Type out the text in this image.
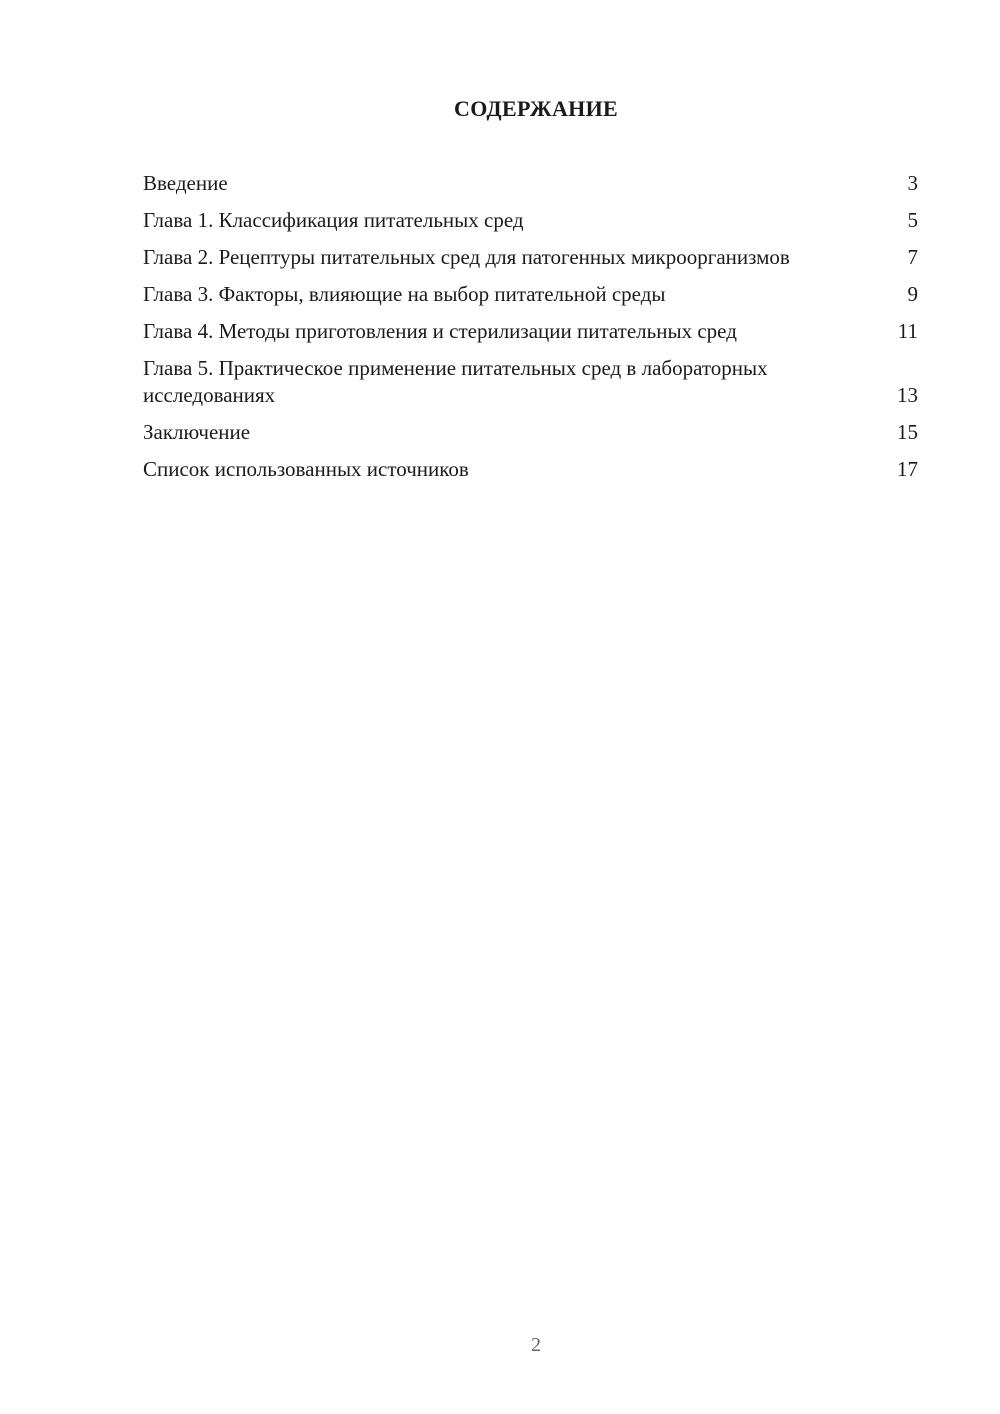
СОДЕРЖАНИЕ
Введение	3
Глава 1. Классификация питательных сред	5
Глава 2. Рецептуры питательных сред для патогенных микроорганизмов	7
Глава 3. Факторы, влияющие на выбор питательной среды	9
Глава 4. Методы приготовления и стерилизации питательных сред	11
Глава 5. Практическое применение питательных сред в лабораторных исследованиях	13
Заключение	15
Список использованных источников	17
2
